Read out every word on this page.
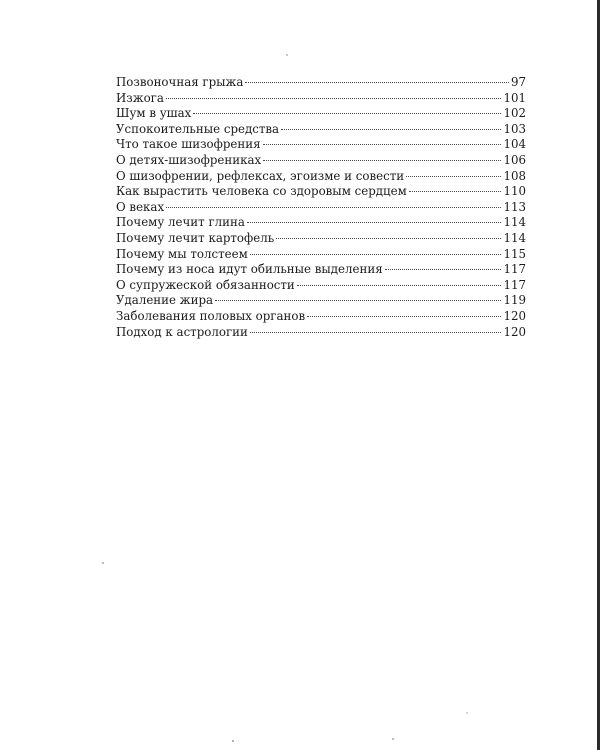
Позвоночная грыжа	97
Изжога	101
Шум в ушах	102
Успокоительные средства	103
Что такое шизофрения	104
О детях-шизофрениках	106
О шизофрении, рефлексах, эгоизме и совести	108
Как вырастить человека со здоровым сердцем	110
О веках	113
Почему лечит глина	114
Почему лечит картофель	114
Почему мы толстеем	115
Почему из носа идут обильные выделения	117
О супружеской обязанности	117
Удаление жира	119
Заболевания половых органов	120
Подход к астрологии	120
